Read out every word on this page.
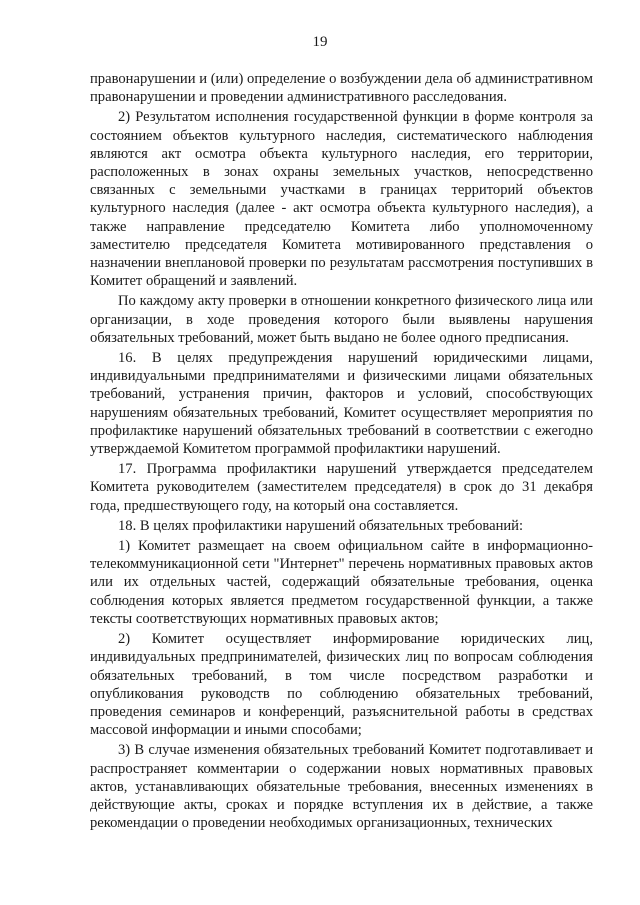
19

правонарушении и (или) определение о возбуждении дела об административном правонарушении и проведении административного расследования.

2) Результатом исполнения государственной функции в форме контроля за состоянием объектов культурного наследия, систематического наблюдения являются акт осмотра объекта культурного наследия, его территории, расположенных в зонах охраны земельных участков, непосредственно связанных с земельными участками в границах территорий объектов культурного наследия (далее - акт осмотра объекта культурного наследия), а также направление председателю Комитета либо уполномоченному заместителю председателя Комитета мотивированного представления о назначении внеплановой проверки по результатам рассмотрения поступивших в Комитет обращений и заявлений.

По каждому акту проверки в отношении конкретного физического лица или организации, в ходе проведения которого были выявлены нарушения обязательных требований, может быть выдано не более одного предписания.

16. В целях предупреждения нарушений юридическими лицами, индивидуальными предпринимателями и физическими лицами обязательных требований, устранения причин, факторов и условий, способствующих нарушениям обязательных требований, Комитет осуществляет мероприятия по профилактике нарушений обязательных требований в соответствии с ежегодно утверждаемой Комитетом программой профилактики нарушений.

17. Программа профилактики нарушений утверждается председателем Комитета руководителем (заместителем председателя) в срок до 31 декабря года, предшествующего году, на который она составляется.

18. В целях профилактики нарушений обязательных требований:

1) Комитет размещает на своем официальном сайте в информационно-телекоммуникационной сети "Интернет" перечень нормативных правовых актов или их отдельных частей, содержащий обязательные требования, оценка соблюдения которых является предметом государственной функции, а также тексты соответствующих нормативных правовых актов;

2) Комитет осуществляет информирование юридических лиц, индивидуальных предпринимателей, физических лиц по вопросам соблюдения обязательных требований, в том числе посредством разработки и опубликования руководств по соблюдению обязательных требований, проведения семинаров и конференций, разъяснительной работы в средствах массовой информации и иными способами;

3) В случае изменения обязательных требований Комитет подготавливает и распространяет комментарии о содержании новых нормативных правовых актов, устанавливающих обязательные требования, внесенных изменениях в действующие акты, сроках и порядке вступления их в действие, а также рекомендации о проведении необходимых организационных, технических
